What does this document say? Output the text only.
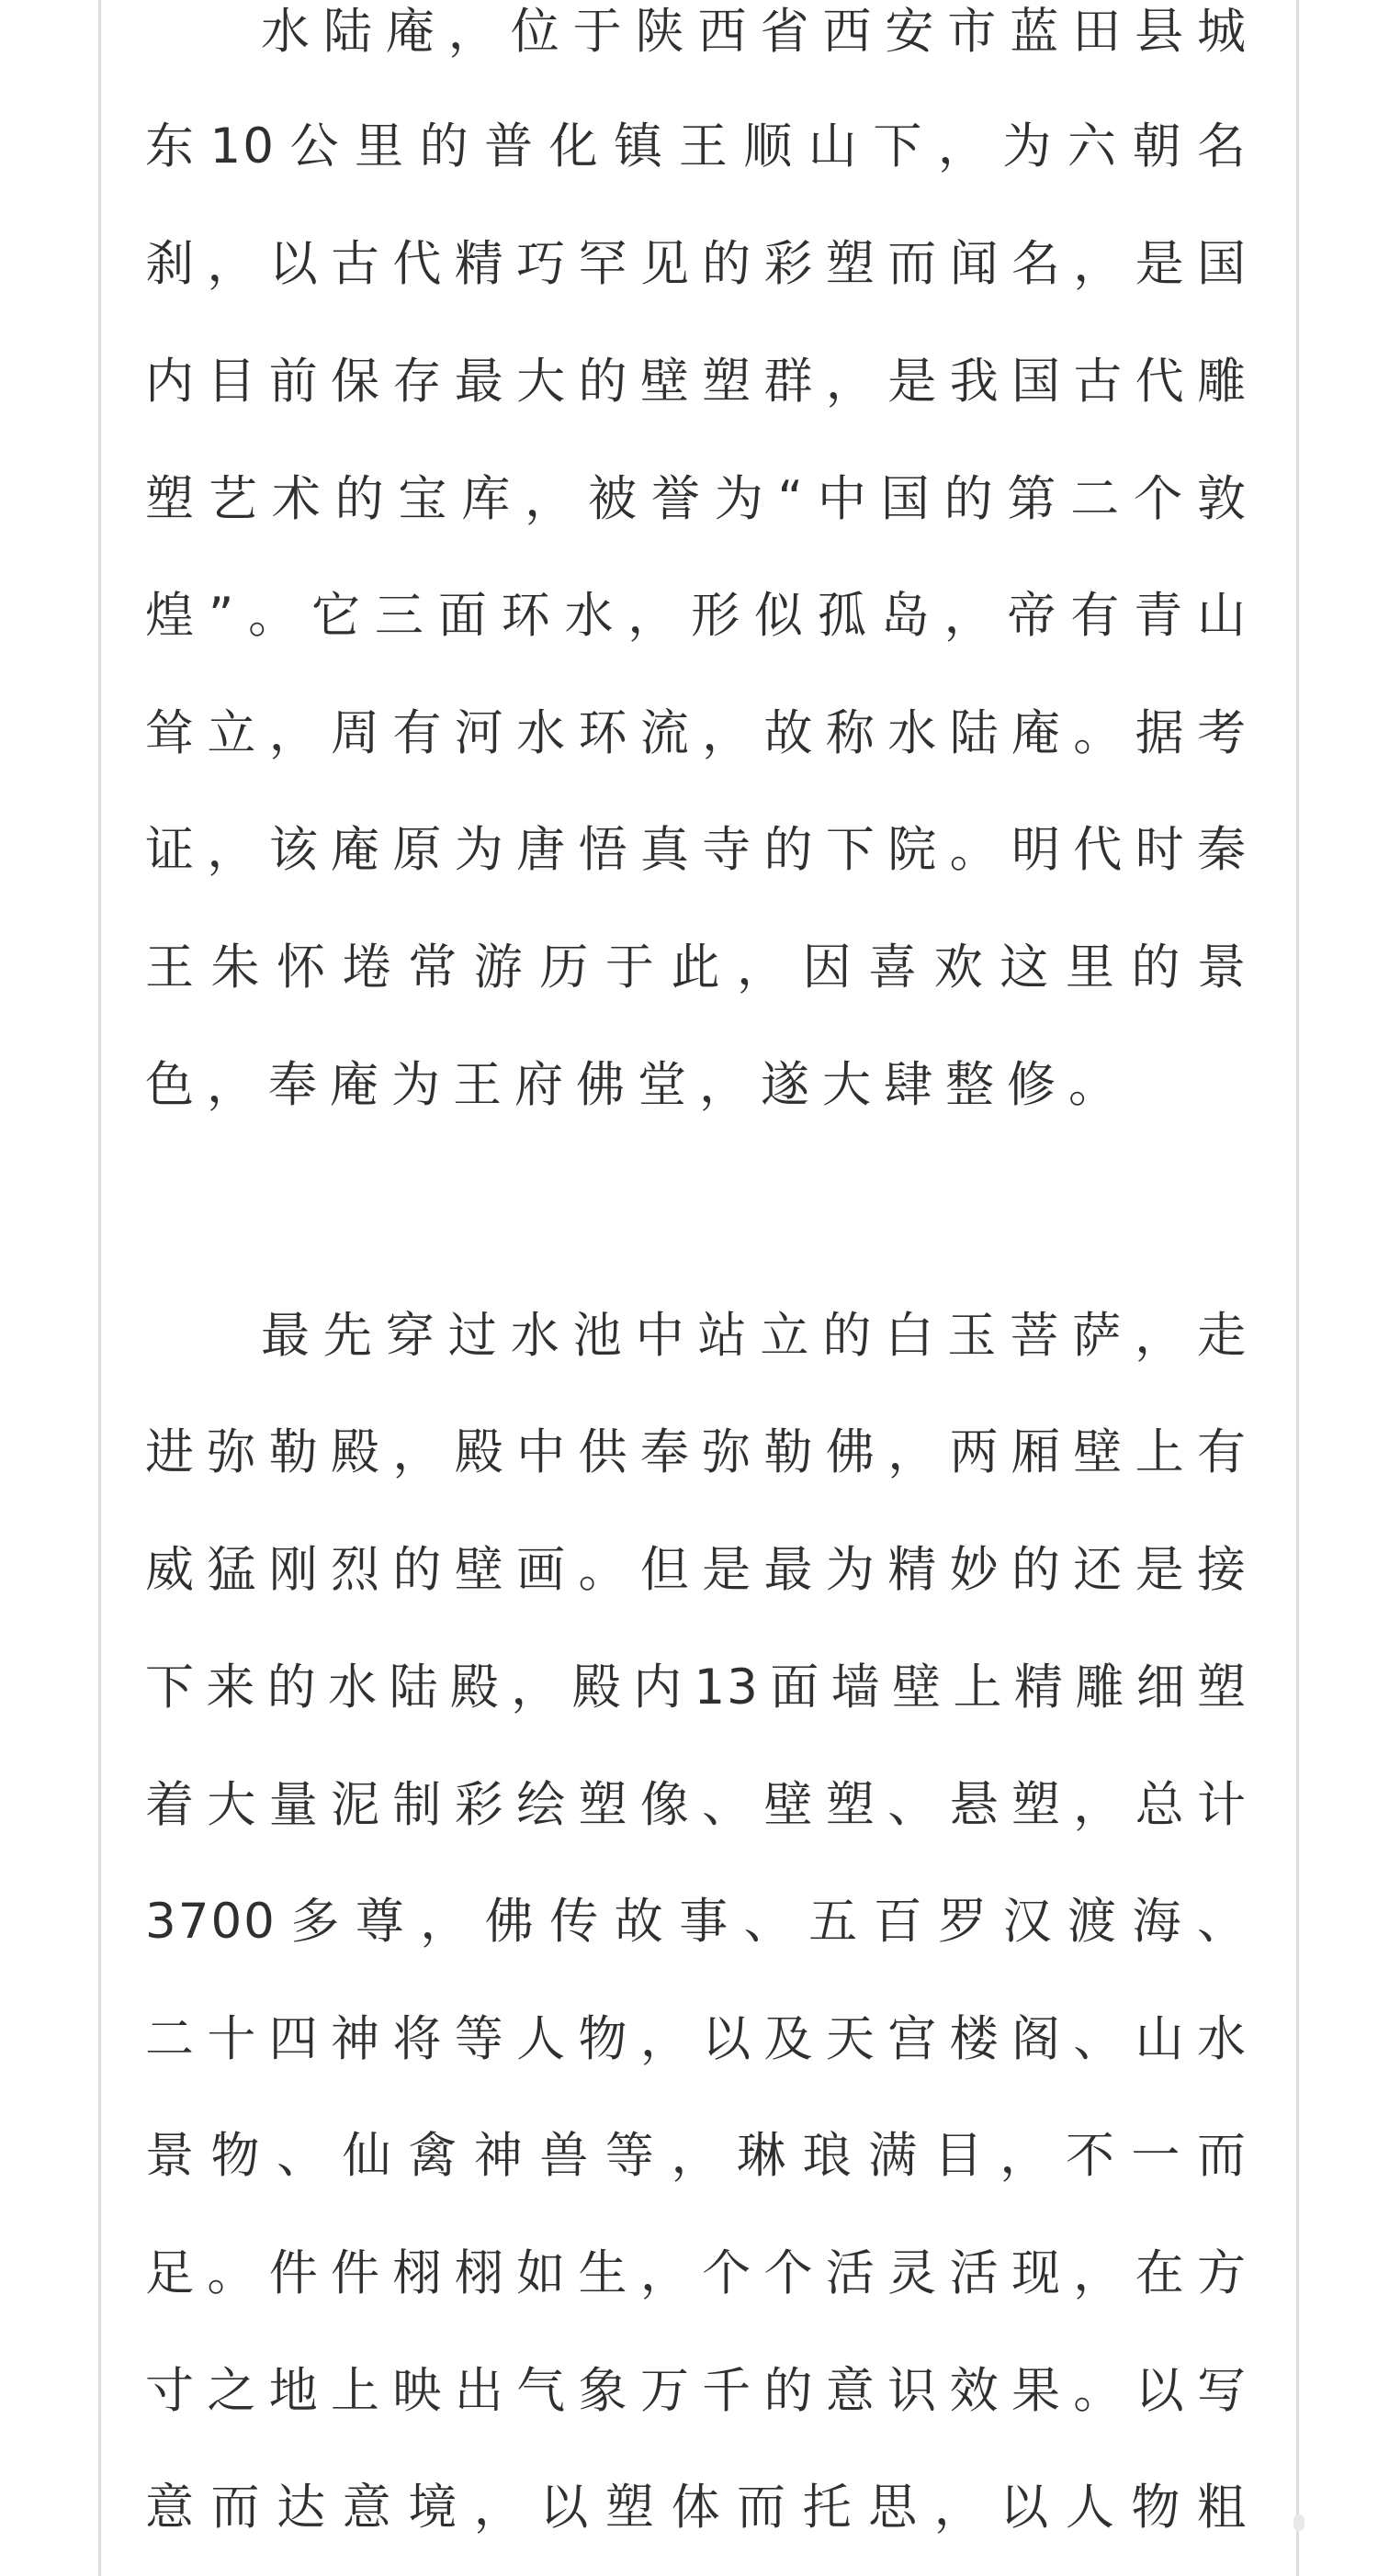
水陆庵，位于陕西省西安市蓝田县城
东10公里的普化镇王顺山下，为六朝名
刹，以古代精巧罕见的彩塑而闻名，是国
内目前保存最大的壁塑群，是我国古代雕
塑艺术的宝库，被誉为“中国的第二个敦
煌”。它三面环水，形似孤岛，帝有青山
耸立，周有河水环流，故称水陆庵。据考
证，该庵原为唐悟真寺的下院。明代时秦
王朱怀埢常游历于此，因喜欢这里的景
色，奉庵为王府佛堂，遂大肆整修。
最先穿过水池中站立的白玉菩萨，走
进弥勒殿，殿中供奉弥勒佛，两厢壁上有
威猛刚烈的壁画。但是最为精妙的还是接
下来的水陆殿，殿内13面墙壁上精雕细塑
着大量泥制彩绘塑像、壁塑、悬塑，总计
3700多尊，佛传故事、五百罗汉渡海、
二十四神将等人物，以及天宫楼阁、山水
景物、仙禽神兽等，琳琅满目，不一而
足。件件栩栩如生，个个活灵活现，在方
寸之地上映出气象万千的意识效果。以写
意而达意境，以塑体而托思，以人物粗
